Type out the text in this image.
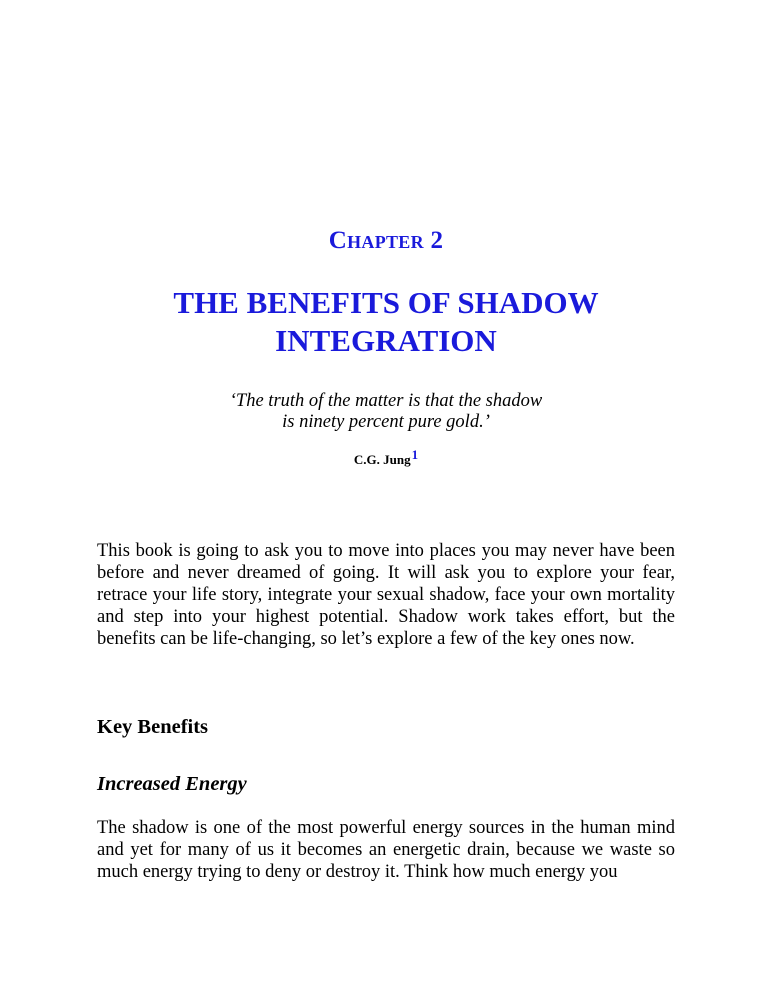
Chapter 2
THE BENEFITS OF SHADOW
INTEGRATION
‘The truth of the matter is that the shadow
is ninety percent pure gold.’
C.G. Jung$^1$

This book is going to ask you to move into places you may never have been before and never dreamed of going. It will ask you to explore your fear, retrace your life story, integrate your sexual shadow, face your own mortality and step into your highest potential. Shadow work takes effort, but the benefits can be life-changing, so let’s explore a few of the key ones now.

Key Benefits
Increased Energy

The shadow is one of the most powerful energy sources in the human mind and yet for many of us it becomes an energetic drain, because we waste so much energy trying to deny or destroy it. Think how much energy you
